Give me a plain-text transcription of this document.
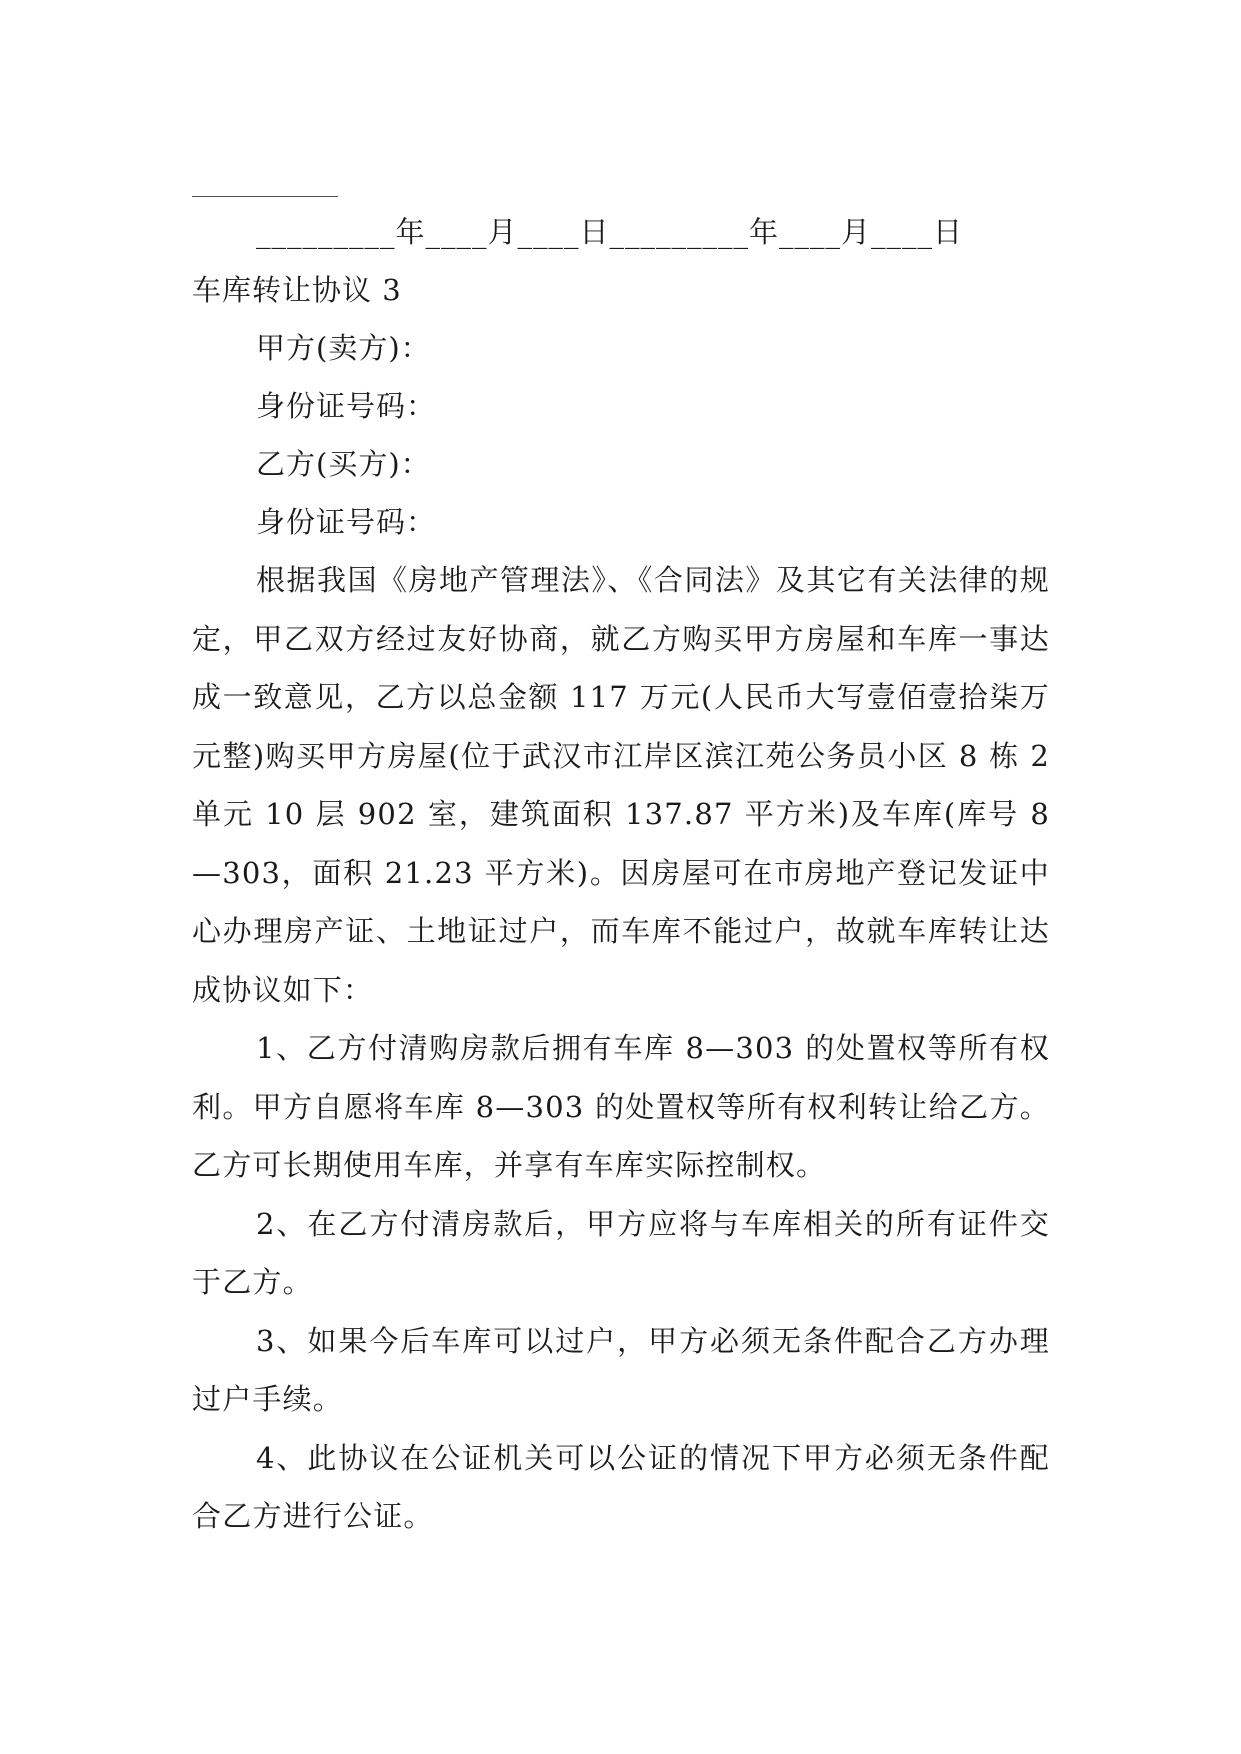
_________年____月____日_________年____月____日
车库转让协议 3
甲方(卖方)：
身份证号码：
乙方(买方)：
身份证号码：

根据我国《房地产管理法》、《合同法》及其它有关法律的规定，甲乙双方经过友好协商，就乙方购买甲方房屋和车库一事达成一致意见，乙方以总金额 117 万元(人民币大写壹佰壹拾柒万元整)购买甲方房屋(位于武汉市江岸区滨江苑公务员小区 8 栋 2 单元 10 层 902 室，建筑面积 137.87 平方米)及车库(库号 8—303，面积 21.23 平方米)。因房屋可在市房地产登记发证中心办理房产证、土地证过户，而车库不能过户，故就车库转让达成协议如下：

1、乙方付清购房款后拥有车库 8—303 的处置权等所有权利。甲方自愿将车库 8—303 的处置权等所有权利转让给乙方。乙方可长期使用车库，并享有车库实际控制权。

2、在乙方付清房款后，甲方应将与车库相关的所有证件交于乙方。

3、如果今后车库可以过户，甲方必须无条件配合乙方办理过户手续。

4、此协议在公证机关可以公证的情况下甲方必须无条件配合乙方进行公证。
